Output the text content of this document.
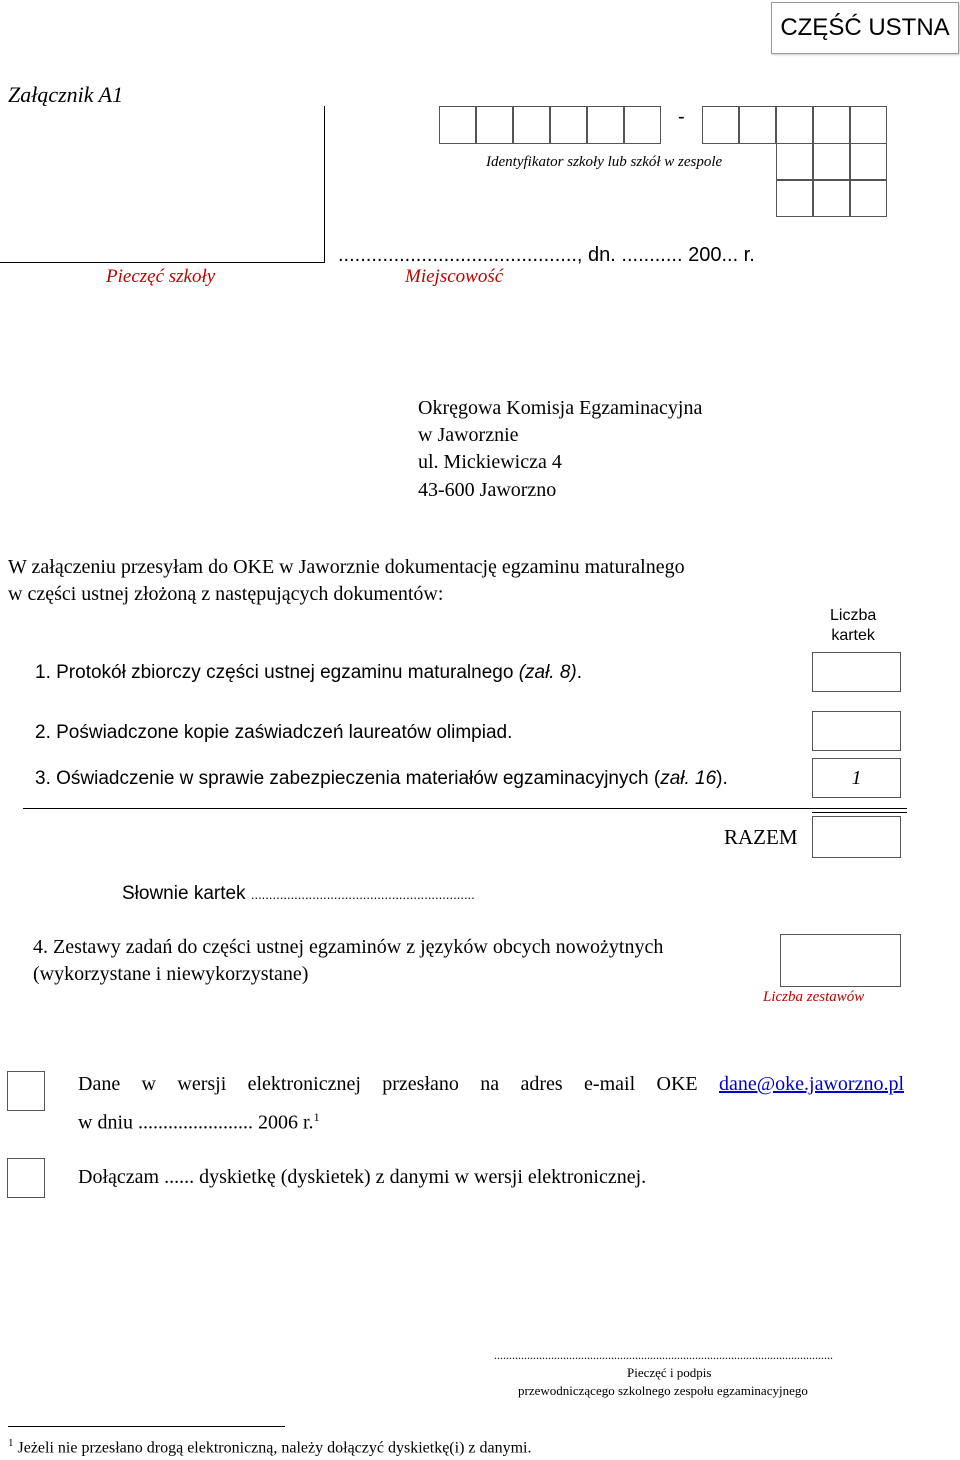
CZĘŚĆ USTNA
Załącznik A1
-
Identyfikator szkoły lub szkół w zespole
..........................................., dn. ........... 200... r.
Pieczęć szkoły	Miejscowość
Okręgowa Komisja Egzaminacyjna
w Jaworznie
ul. Mickiewicza 4
43-600 Jaworzno
W załączeniu przesyłam do OKE w Jaworznie dokumentację egzaminu maturalnego
w części ustnej złożoną z następujących dokumentów:
Liczba
kartek
1. Protokół zbiorczy części ustnej egzaminu maturalnego (zał. 8).
2. Poświadczone kopie zaświadczeń laureatów olimpiad.
3. Oświadczenie w sprawie zabezpieczenia materiałów egzaminacyjnych (zał. 16).	1
RAZEM
Słownie kartek ..............................................................
4. Zestawy zadań do części ustnej egzaminów z języków obcych nowożytnych
(wykorzystane i niewykorzystane)
Liczba zestawów
Dane w wersji elektronicznej przesłano na adres e-mail OKE dane@oke.jaworzno.pl
w dniu ....................... 2006 r.$^1$
Dołączam ...... dyskietkę (dyskietek) z danymi w wersji elektronicznej.
.................................................................................................................
Pieczęć i podpis
przewodniczącego szkolnego zespołu egzaminacyjnego
$^1$ Jeżeli nie przesłano drogą elektroniczną, należy dołączyć dyskietkę(i) z danymi.
